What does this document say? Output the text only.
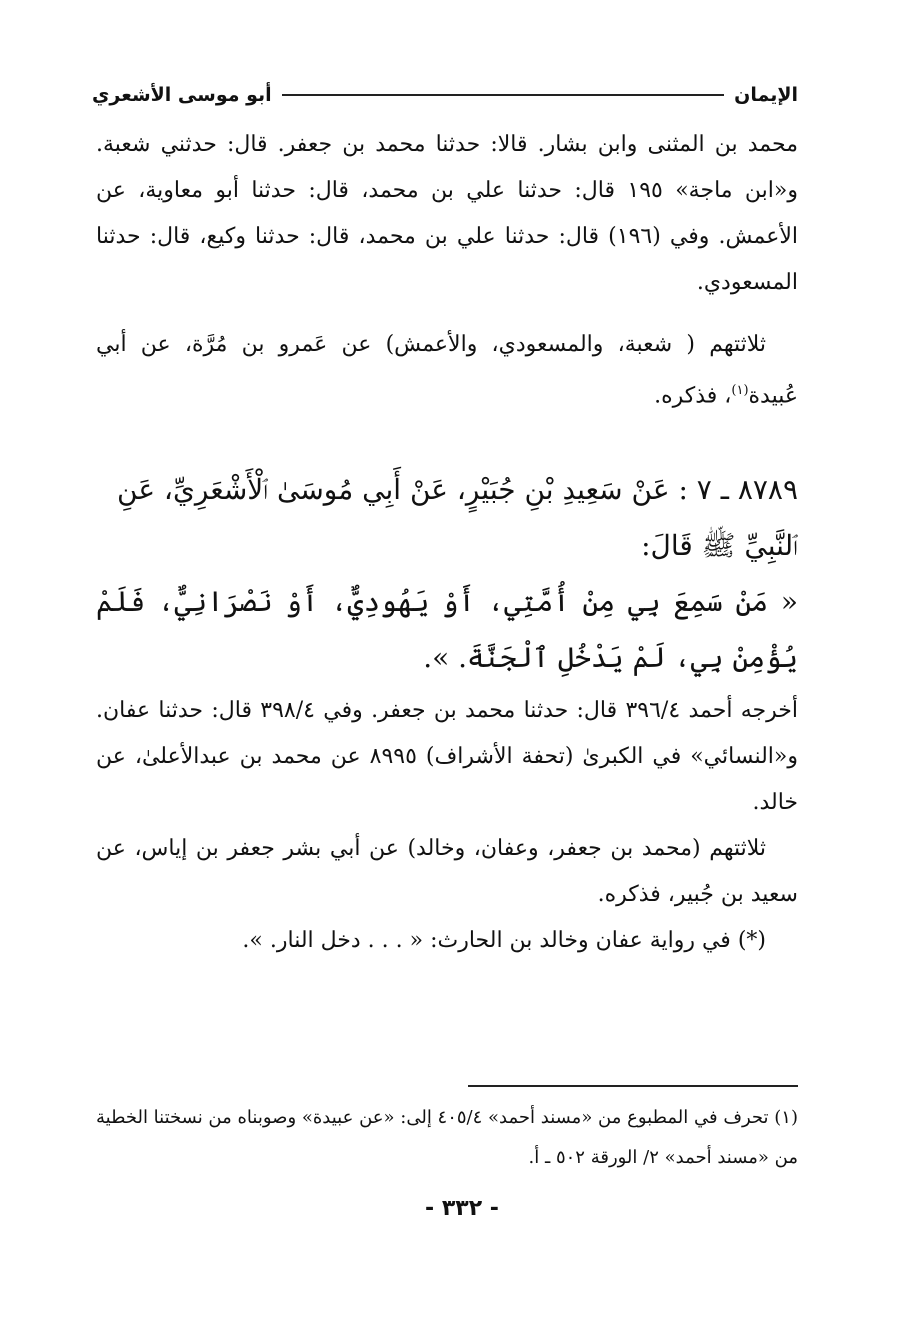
الإيمان
أبو موسى الأشعري

محمد بن المثنى وابن بشار. قالا: حدثنا محمد بن جعفر. قال: حدثني شعبة. و«ابن ماجة» ١٩٥ قال: حدثنا علي بن محمد، قال: حدثنا أبو معاوية، عن الأعمش. وفي (١٩٦) قال: حدثنا علي بن محمد، قال: حدثنا وكيع، قال: حدثنا المسعودي.

ثلاثتهم ( شعبة، والمسعودي، والأعمش) عن عَمرو بن مُرَّة، عن أبي عُبيدة$^{(١)}$، فذكره.

٨٧٨٩ ـ ٧ : عَنْ سَعِيدِ بْنِ جُبَيْرٍ، عَنْ أَبِي مُوسَىٰ ٱلْأَشْعَرِيِّ، عَنِ ٱلنَّبِيِّ ﷺ قَالَ:

« مَنْ سَمِعَ بِي مِنْ أُمَّتِي، أَوْ يَهُودِيٌّ، أَوْ نَصْرَانِيٌّ، فَلَمْ يُؤْمِنْ بِي، لَمْ يَدْخُلِ ٱلْجَنَّةَ. ».

أخرجه أحمد ٣٩٦/٤ قال: حدثنا محمد بن جعفر. وفي ٣٩٨/٤ قال: حدثنا عفان. و«النسائي» في الكبرىٰ (تحفة الأشراف) ٨٩٩٥ عن محمد بن عبدالأعلىٰ، عن خالد.

ثلاثتهم (محمد بن جعفر، وعفان، وخالد) عن أبي بشر جعفر بن إياس، عن سعيد بن جُبير، فذكره.

(*) في رواية عفان وخالد بن الحارث: « . . . دخل النار. ».

(١) تحرف في المطبوع من «مسند أحمد» ٤٠٥/٤ إلى: «عن عبيدة» وصوبناه من نسختنا الخطية من «مسند أحمد» ٢/ الورقة ٥٠٢ ـ أ.

- ٣٣٢ -
